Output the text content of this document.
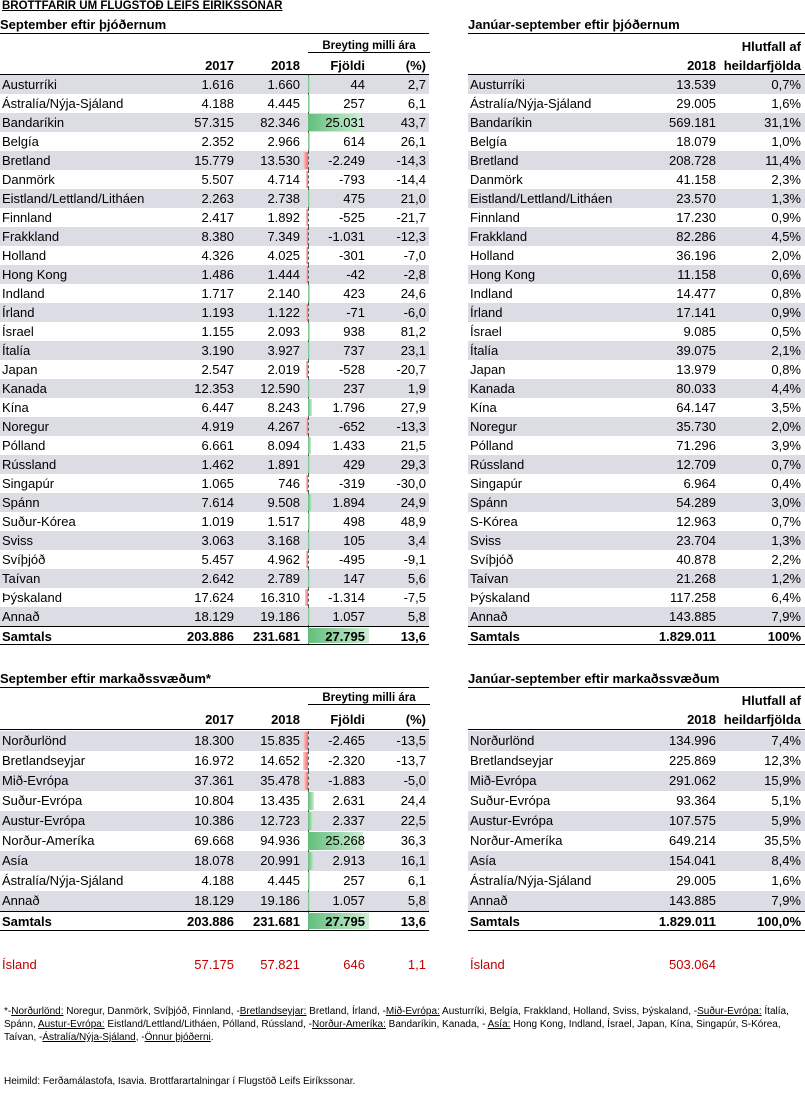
BROTTFARIR UM FLUGSTÖÐ LEIFS EIRÍKSSONAR
September eftir þjóðernum
Breyting milli ára
2017	2018	Fjöldi	(%)
Austurríki	1.616	1.660	44	2,7
Ástralía/Nýja-Sjáland	4.188	4.445	257	6,1
Bandaríkin	57.315	82.346	25.031	43,7
Belgía	2.352	2.966	614	26,1
Bretland	15.779	13.530	-2.249	-14,3
Danmörk	5.507	4.714	-793	-14,4
Eistland/Lettland/Litháen	2.263	2.738	475	21,0
Finnland	2.417	1.892	-525	-21,7
Frakkland	8.380	7.349	-1.031	-12,3
Holland	4.326	4.025	-301	-7,0
Hong Kong	1.486	1.444	-42	-2,8
Indland	1.717	2.140	423	24,6
Írland	1.193	1.122	-71	-6,0
Ísrael	1.155	2.093	938	81,2
Ítalía	3.190	3.927	737	23,1
Japan	2.547	2.019	-528	-20,7
Kanada	12.353	12.590	237	1,9
Kína	6.447	8.243	1.796	27,9
Noregur	4.919	4.267	-652	-13,3
Pólland	6.661	8.094	1.433	21,5
Rússland	1.462	1.891	429	29,3
Singapúr	1.065	746	-319	-30,0
Spánn	7.614	9.508	1.894	24,9
Suður-Kórea	1.019	1.517	498	48,9
Sviss	3.063	3.168	105	3,4
Svíþjóð	5.457	4.962	-495	-9,1
Taívan	2.642	2.789	147	5,6
Þýskaland	17.624	16.310	-1.314	-7,5
Annað	18.129	19.186	1.057	5,8
Samtals	203.886	231.681	27.795	13,6
Janúar-september eftir þjóðernum
Hlutfall af
2018 heildarfjölda
Austurríki	13.539	0,7%
Ástralía/Nýja-Sjáland	29.005	1,6%
Bandaríkin	569.181	31,1%
Belgía	18.079	1,0%
Bretland	208.728	11,4%
Danmörk	41.158	2,3%
Eistland/Lettland/Litháen	23.570	1,3%
Finnland	17.230	0,9%
Frakkland	82.286	4,5%
Holland	36.196	2,0%
Hong Kong	11.158	0,6%
Indland	14.477	0,8%
Írland	17.141	0,9%
Ísrael	9.085	0,5%
Ítalía	39.075	2,1%
Japan	13.979	0,8%
Kanada	80.033	4,4%
Kína	64.147	3,5%
Noregur	35.730	2,0%
Pólland	71.296	3,9%
Rússland	12.709	0,7%
Singapúr	6.964	0,4%
Spánn	54.289	3,0%
S-Kórea	12.963	0,7%
Sviss	23.704	1,3%
Svíþjóð	40.878	2,2%
Taívan	21.268	1,2%
Þýskaland	117.258	6,4%
Annað	143.885	7,9%
Samtals	1.829.011	100%
September eftir markaðssvæðum*
Breyting milli ára
2017	2018	Fjöldi	(%)
Norðurlönd	18.300	15.835	-2.465	-13,5
Bretlandseyjar	16.972	14.652	-2.320	-13,7
Mið-Evrópa	37.361	35.478	-1.883	-5,0
Suður-Evrópa	10.804	13.435	2.631	24,4
Austur-Evrópa	10.386	12.723	2.337	22,5
Norður-Ameríka	69.668	94.936	25.268	36,3
Asía	18.078	20.991	2.913	16,1
Ástralía/Nýja-Sjáland	4.188	4.445	257	6,1
Annað	18.129	19.186	1.057	5,8
Samtals	203.886	231.681	27.795	13,6
Ísland	57.175	57.821	646	1,1
Janúar-september eftir markaðssvæðum
Hlutfall af
2018 heildarfjölda
Norðurlönd	134.996	7,4%
Bretlandseyjar	225.869	12,3%
Mið-Evrópa	291.062	15,9%
Suður-Evrópa	93.364	5,1%
Austur-Evrópa	107.575	5,9%
Norður-Ameríka	649.214	35,5%
Asía	154.041	8,4%
Ástralía/Nýja-Sjáland	29.005	1,6%
Annað	143.885	7,9%
Samtals	1.829.011	100,0%
Ísland	503.064
*-Norðurlönd: Noregur, Danmörk, Svíþjóð, Finnland, -Bretlandseyjar: Bretland, Írland, -Mið-Evrópa: Austurríki, Belgía, Frakkland, Holland, Sviss, Þýskaland, -Suður-Evrópa: Ítalía, Spánn, Austur-Evrópa: Eistland/Lettland/Litháen, Pólland, Rússland, -Norður-Ameríka: Bandaríkin, Kanada, - Asía: Hong Kong, Indland, Ísrael, Japan, Kína, Singapúr, S-Kórea, Taívan, -Ástralía/Nýja-Sjáland, -Önnur þjóðerni.
Heimild: Ferðamálastofa, Isavia. Brottfarartalningar í Flugstöð Leifs Eiríkssonar.
